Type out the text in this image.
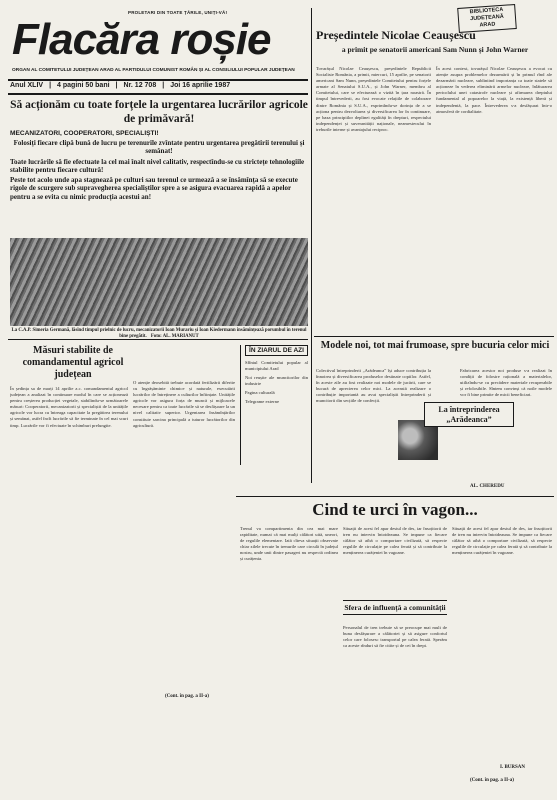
BIBLIOTECA
JUDEȚEANĂ
ARAD
PROLETARI DIN TOATE ȚĂRILE, UNIȚI-VĂ!
Flacăra roșie
ORGAN AL COMITETULUI JUDEȚEAN ARAD AL PARTIDULUI COMUNIST ROMÂN ȘI AL CONSILIULUI POPULAR JUDEȚEAN
Anul XLIV | 4 pagini 50 bani | Nr. 12 708 | Joi 16 aprilie 1987
Să acționăm cu toate forțele la urgentarea lucrărilor agricole de primăvară!
MECANIZATORI, COOPERATORI, SPECIALIȘTI!
Folosiți fiecare clipă bună de lucru pe terenurile zvîntate pentru urgentarea pregătirii terenului și semănat!
Toate lucrările să fie efectuate la cel mai înalt nivel calitativ, respectîndu-se cu strictețe tehnologiile stabilite pentru fiecare cultură!
Peste tot acolo unde apa stagnează pe culturi sau terenul ce urmează a se însămînța să se execute rigole de scurgere sub supravegherea specialiștilor spre a se asigura evacuarea rapidă a apelor pentru a se evita cu nimic producția acestui an!
La C.A.P. Simeria Germană, lăsînd timpul prielnic de lucru, mecanizatorii Ioan Murariu și Ioan Kiedermann însămînțează porumbul în terenul bine pregătit. Foto: AL. MARIANUT
Președintele Nicolae Ceaușescu
a primit pe senatorii americani Sam Nunn și John Warner
Tovarășul Nicolae Ceaușescu, președintele Republicii Socialiste România, a primit, miercuri, 15 aprilie, pe senatorii americani Sam Nunn, președintele Comitetului pentru forțele armate al Senatului S.U.A., și John Warner, membru al Comitetului, care se efectuează o vizită în țara noastră. În timpul întrevederii, au fost evocate relațiile de colaborare dintre România și S.U.A., exprimîndu-se dorința de a se acționa pentru dezvoltarea și diversificarea lor în continuare, pe baza principiilor deplinei egalități în drepturi, respectului independenței și suveranității naționale, neamestecului în treburile interne și avantajului reciproc.
În acest context, tovarășul Nicolae Ceaușescu a evocat cu atenție asupra problemelor dezarmării și în primul rînd ale dezarmării nucleare, subliniind importanța ca toate statele să acționeze în vederea eliminării armelor nucleare, înlăturarea pericolului unei catastrofe nucleare și afirmarea dreptului fundamental al popoarelor la viață, la existență liberă și independentă, la pace. Întrevederea s-a desfășurat într-o atmosferă de cordialitate.
Modele noi, tot mai frumoase, spre bucuria celor mici
Colectivul întreprinderii „Arădeanca” își aduce contribuția la înnoirea și diversificarea produselor destinate copiilor. Astfel, în aceste zile au fost realizate noi modele de jucării, care se bucură de aprecierea celor mici. La această realizare o contribuție importantă au avut specialiștii întreprinderii și muncitorii din secțiile de confecții.
La întreprinderea „Arădeanca”
Fabricarea acestor noi produse s-a realizat în condiții de folosire rațională a materialelor, utilizîndu-se cu precădere materiale recuperabile și refolosibile. Sîntem convinși că noile modele vor fi bine primite de micii beneficiari.
AL. CHEREDU
Măsuri stabilite de comandamentul agricol județean
În ședința sa de marți 14 aprilie a.c. comandamentul agricol județean a analizat în continuare modul în care se acționează pentru creșterea producției vegetale, stabilindu-se următoarele măsuri: Cooperatorii, mecanizatorii și specialiștii de la unitățile agricole vor lucra cu întreaga capacitate la pregătirea terenului și semănat, astfel încît lucrările să fie terminate în cel mai scurt timp. Lucrările vor fi efectuate în schimburi prelungite.
O atenție deosebită trebuie acordată fertilizării diferite cu îngrășăminte chimice și naturale, executării lucrărilor de întreținere a culturilor înființate. Unitățile agricole vor asigura forța de muncă și mijloacele necesare pentru ca toate lucrările să se desfășoare la un nivel calitativ superior. Urgentarea însămînțărilor constituie sarcina principală a tuturor lucrătorilor din agricultură.
(Cont. în pag. a II-a)
ÎN ZIARUL DE AZI
Sfîntul Comitetului popular al municipiului Arad
Noi reușite ale muncitorilor din industrie
Pagina culturală
Telegrame externe
Cind te urci în vagon...
Trenul va compartimenta din cea mai mare rapiditate, numai că mai mulți călători uită, uneori, de regulile elementare. Iată cîteva situații observate chiar zilele trecute în trenurile care circulă în județul nostru, unde unii dintre pasageri nu respectă ordinea și curățenia.
Sfera de influență a comunității
Situații de acest fel apar destul de des, iar însoțitorii de tren nu intervin întotdeauna. Se impune ca fiecare călător să aibă o comportare civilizată, să respecte regulile de circulație pe calea ferată și să contribuie la menținerea curățeniei în vagoane.
Personalul de tren trebuie să se preocupe mai mult de buna desfășurare a călătoriei și să asigure confortul celor care folosesc transportul pe calea ferată. Sperăm ca aceste rînduri să fie citite și de cei în drept.
Situații de acest fel apar destul de des, iar însoțitorii de tren nu intervin întotdeauna. Se impune ca fiecare călător să aibă o comportare civilizată, să respecte regulile de circulație pe calea ferată și să contribuie la menținerea curățeniei în vagoane.
I. BURSAN
(Cont. în pag. a II-a)
